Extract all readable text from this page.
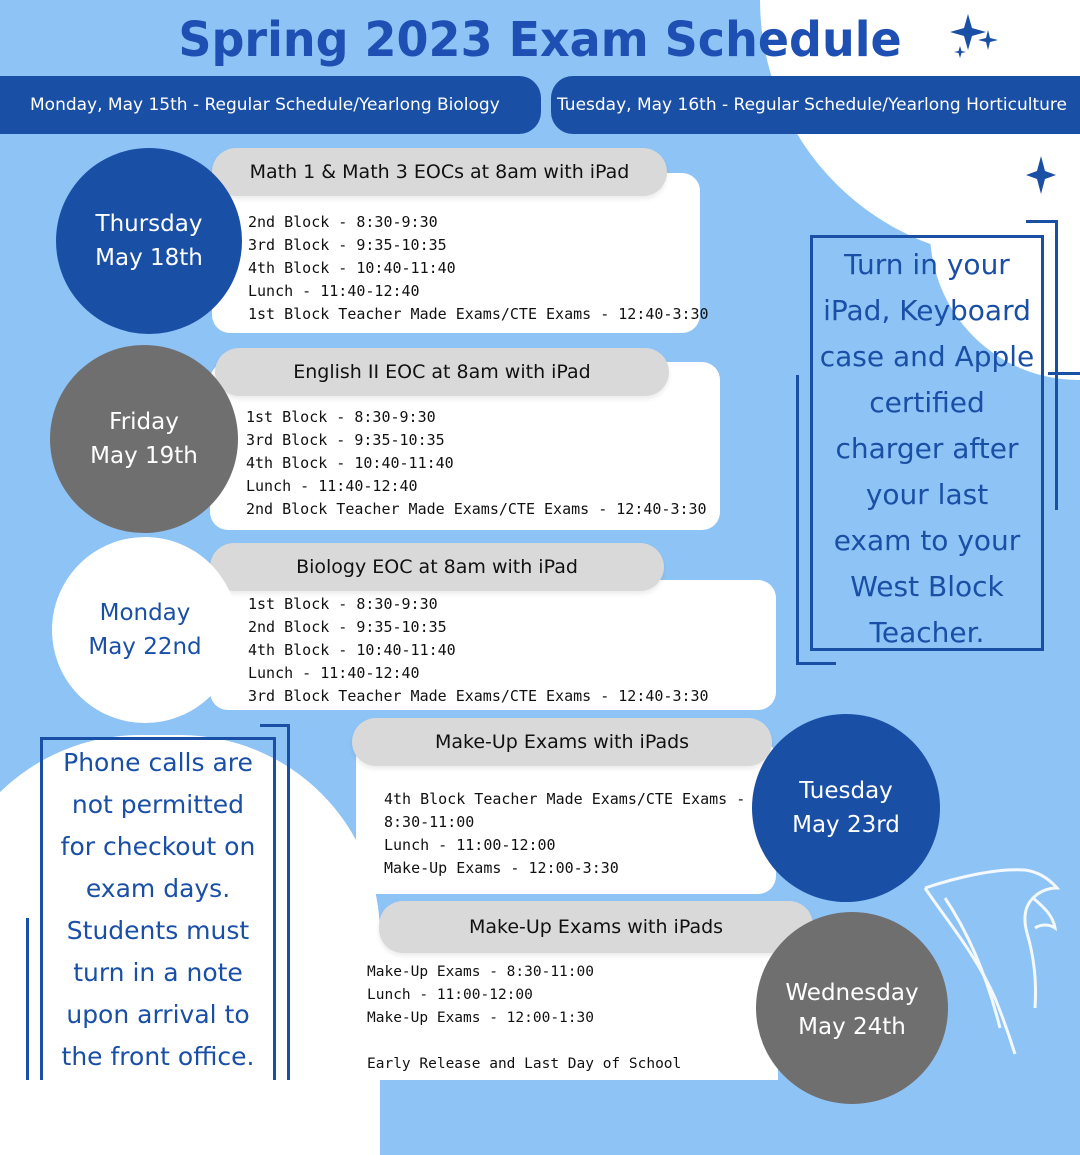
Spring 2023 Exam Schedule
Monday, May 15th - Regular Schedule/Yearlong Biology	Tuesday, May 16th - Regular Schedule/Yearlong Horticulture
2nd Block - 8:30-9:30
3rd Block - 9:35-10:35
4th Block - 10:40-11:40
Lunch - 11:40-12:40
1st Block Teacher Made Exams/CTE Exams - 12:40-3:30
Math 1 & Math 3 EOCs at 8am with iPad
Thursday
May 18th
1st Block - 8:30-9:30
3rd Block - 9:35-10:35
4th Block - 10:40-11:40
Lunch - 11:40-12:40
2nd Block Teacher Made Exams/CTE Exams - 12:40-3:30
English II EOC at 8am with iPad
Friday
May 19th
1st Block - 8:30-9:30
2nd Block - 9:35-10:35
4th Block - 10:40-11:40
Lunch - 11:40-12:40
3rd Block Teacher Made Exams/CTE Exams - 12:40-3:30
Biology EOC at 8am with iPad
Monday
May 22nd
Phone calls are
not permitted
for checkout on
exam days.
Students must
turn in a note
upon arrival to
the front office.
4th Block Teacher Made Exams/CTE Exams -
8:30-11:00
Lunch - 11:00-12:00
Make-Up Exams - 12:00-3:30
Make-Up Exams with iPads
Tuesday
May 23rd
Make-Up Exams - 8:30-11:00
Lunch - 11:00-12:00
Make-Up Exams - 12:00-1:30
Early Release and Last Day of School
Make-Up Exams with iPads
Wednesday
May 24th
Turn in your
iPad, Keyboard
case and Apple
certified
charger after
your last
exam to your
West Block
Teacher.
